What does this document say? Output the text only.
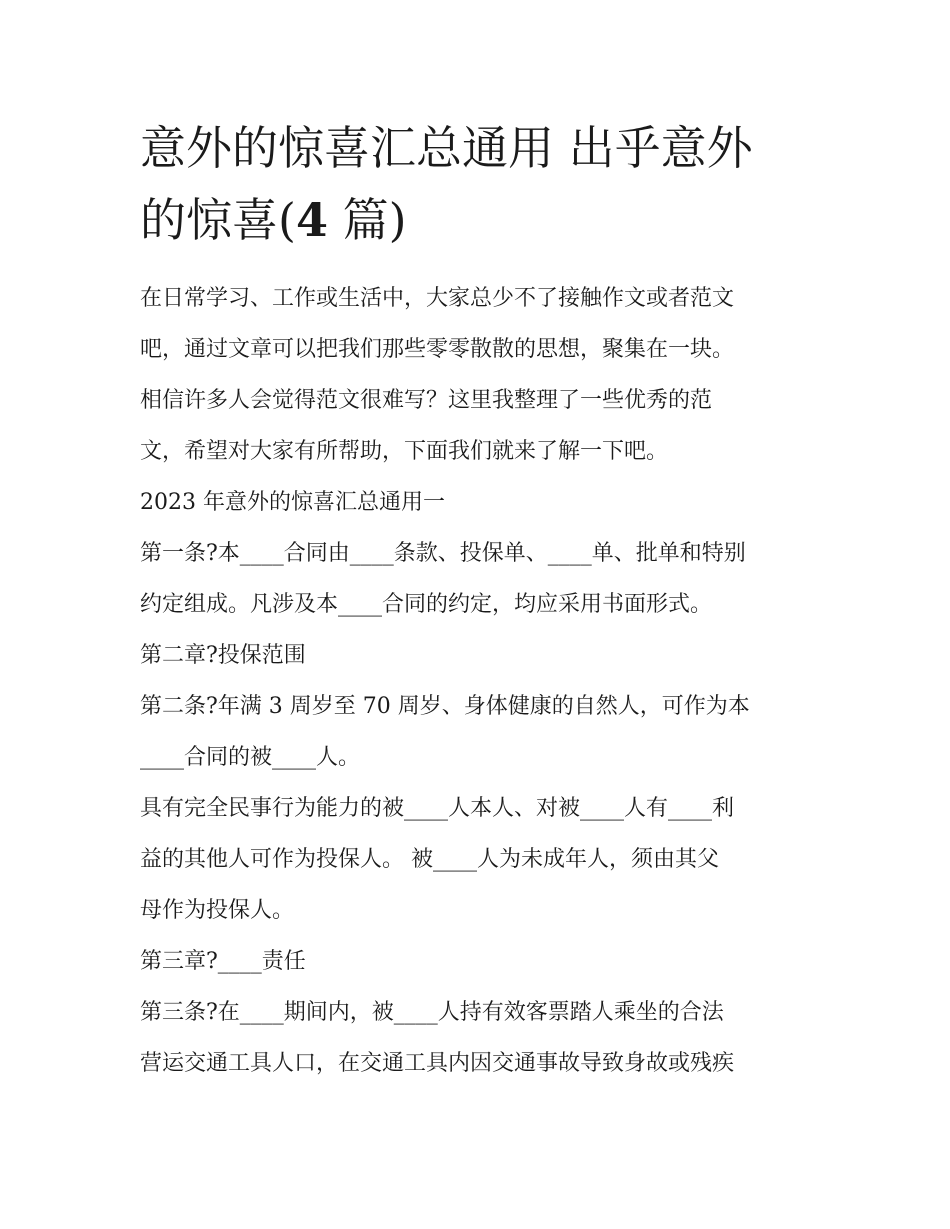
意外的惊喜汇总通用 出乎意外
的惊喜(4 篇)

在日常学习、工作或生活中，大家总少不了接触作文或者范文

吧，通过文章可以把我们那些零零散散的思想，聚集在一块。

相信许多人会觉得范文很难写？这里我整理了一些优秀的范

文，希望对大家有所帮助，下面我们就来了解一下吧。

2023 年意外的惊喜汇总通用一

第一条?本____合同由____条款、投保单、____单、批单和特别

约定组成。凡涉及本____合同的约定，均应采用书面形式。

第二章?投保范围

第二条?年满 3 周岁至 70 周岁、身体健康的自然人，可作为本

____合同的被____人。

具有完全民事行为能力的被____人本人、对被____人有____利

益的其他人可作为投保人。 被____人为未成年人，须由其父

母作为投保人。

第三章?____责任

第三条?在____期间内，被____人持有效客票踏人乘坐的合法

营运交通工具人口，在交通工具内因交通事故导致身故或残疾
